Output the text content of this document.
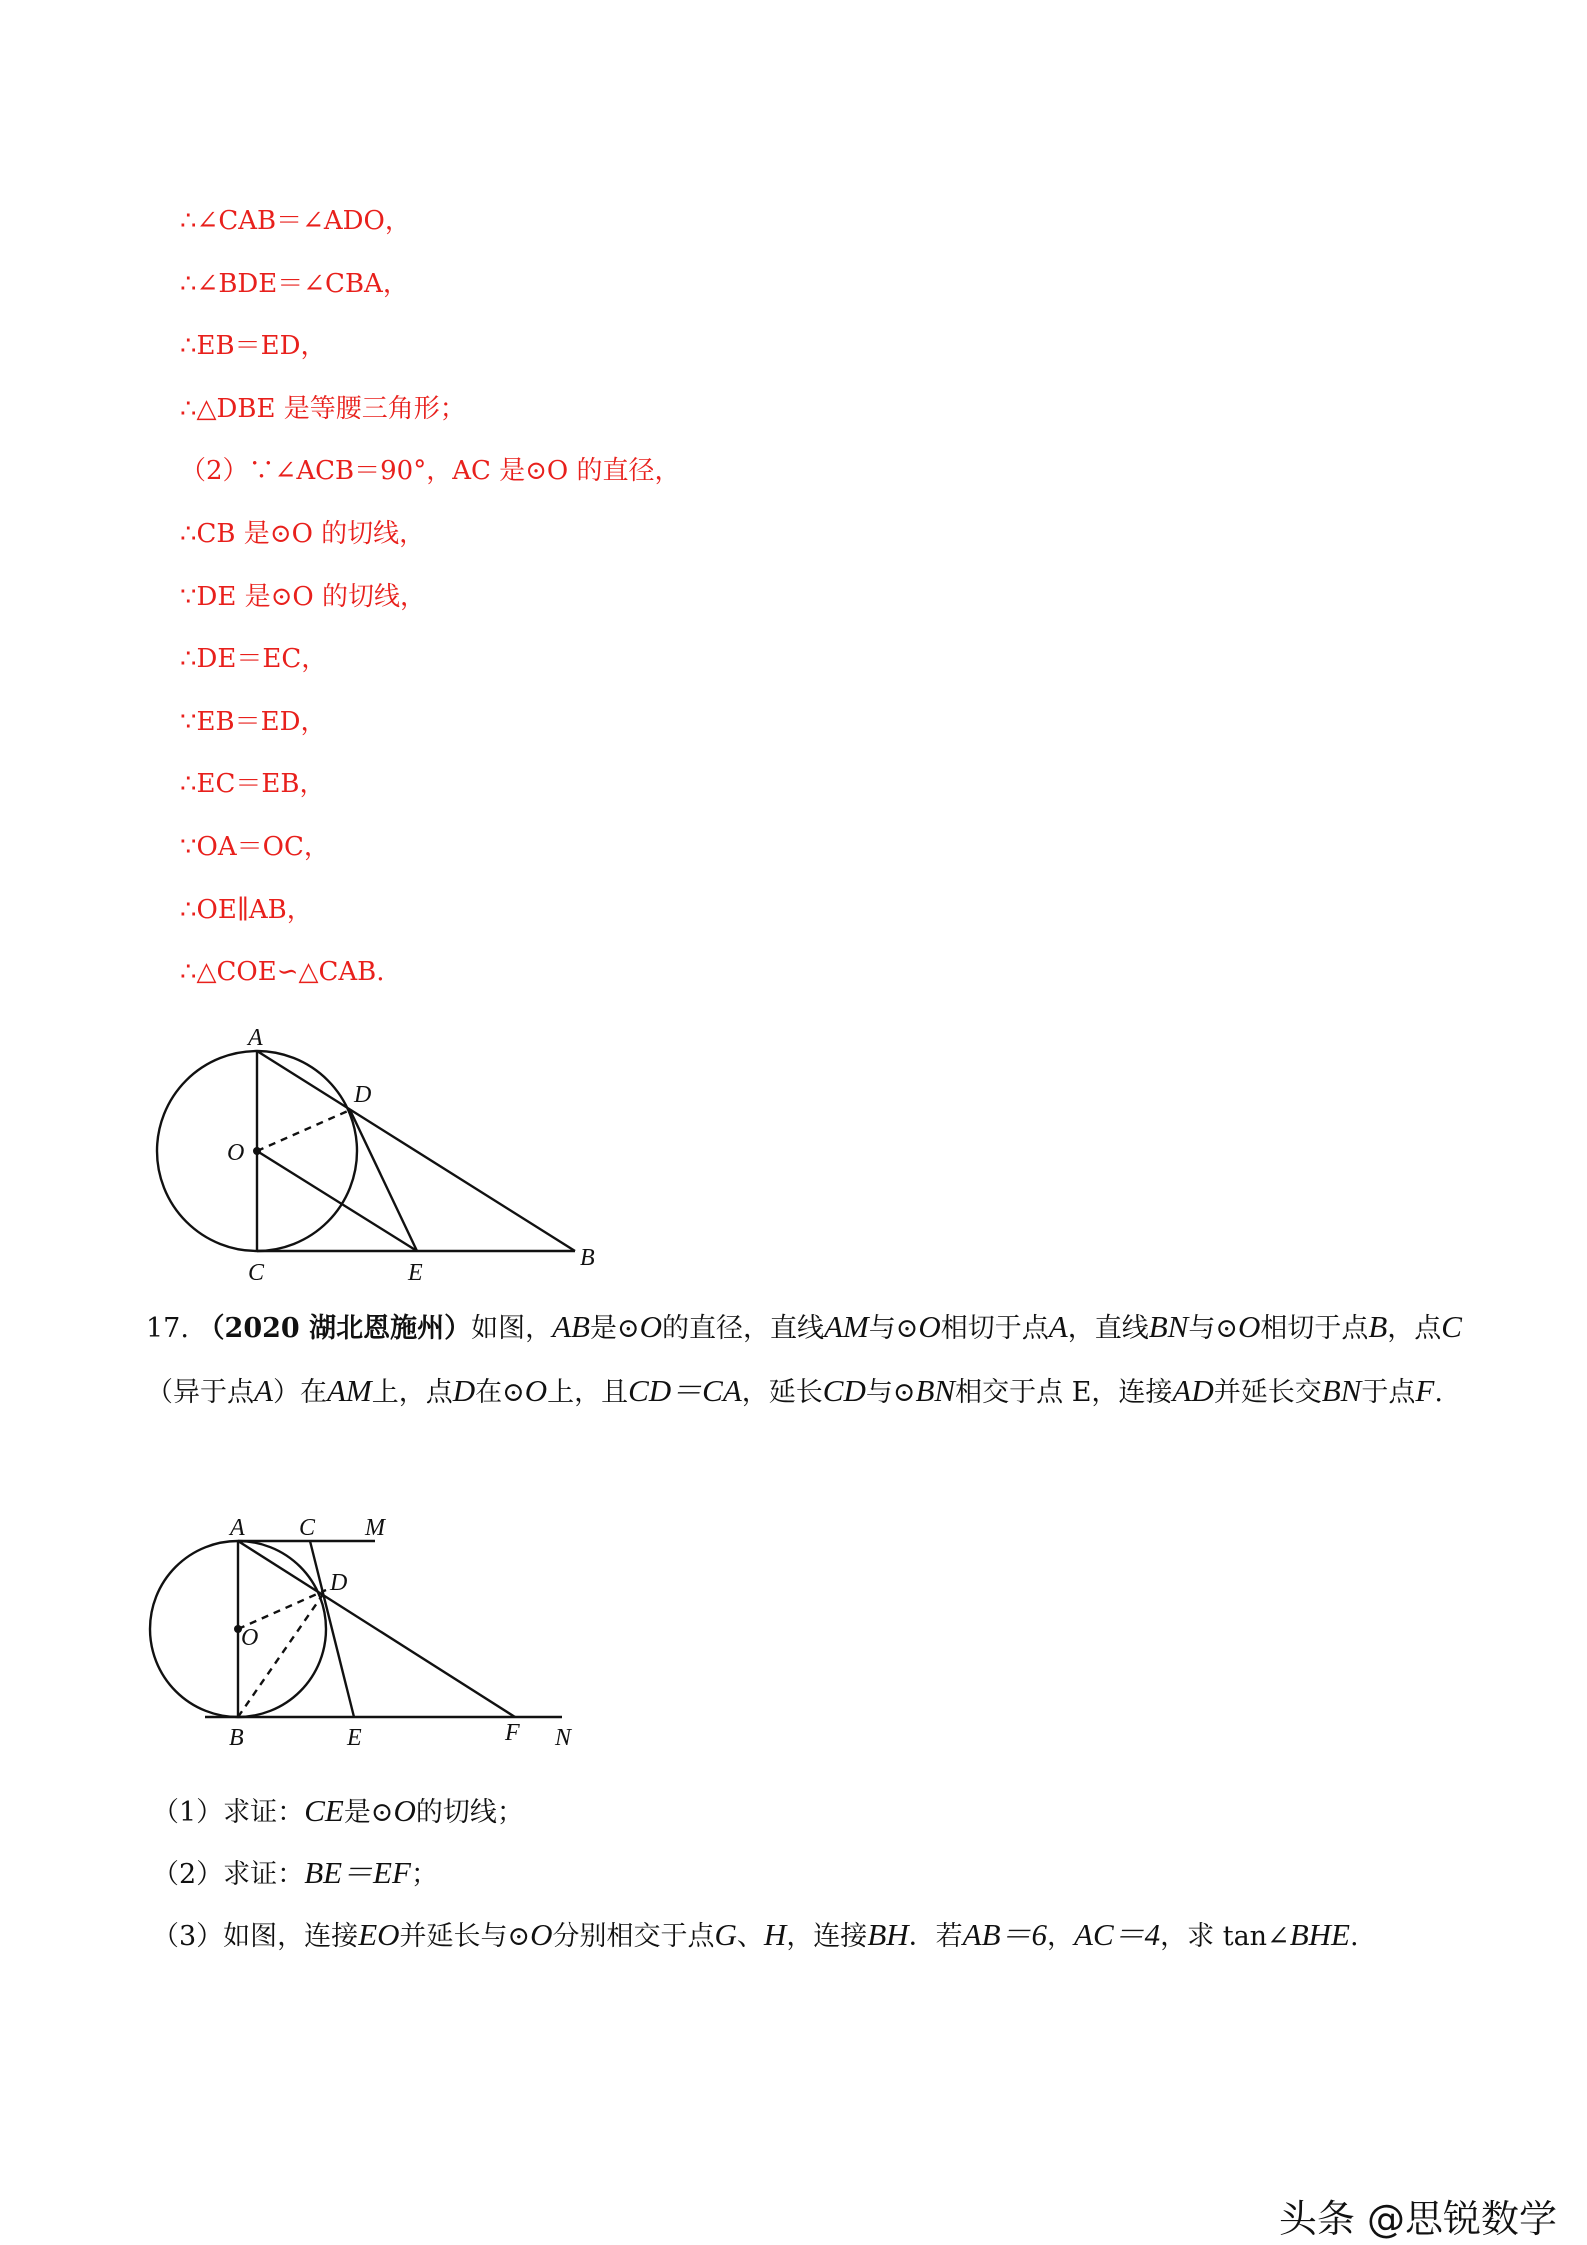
∴∠CAB＝∠ADO，
∴∠BDE＝∠CBA，
∴EB＝ED，
∴△DBE 是等腰三角形；
（2）∵∠ACB＝90°，AC 是⊙O 的直径，
∴CB 是⊙O 的切线，
∵DE 是⊙O 的切线，
∴DE＝EC，
∵EB＝ED，
∴EC＝EB，
∵OA＝OC，
∴OE∥AB，
∴△COE∽△CAB.
A
D
O
C	E
B
17. （2020 湖北恩施州）如图，AB是⊙O的直径，直线AM与⊙O相切于点A，直线BN与⊙O相切于点B，点C（异于点A）在AM上，点D在⊙O上，且CD＝CA，延长CD与⊙BN相交于点 E，连接AD并延长交BN于点F.
A C M
D
O
B	E	F N
（1）求证：CE是⊙O的切线；
（2）求证：BE＝EF；
（3）如图，连接EO并延长与⊙O分别相交于点G、H，连接BH．若AB＝6，AC＝4，求 tan∠BHE.
头条 @思锐数学
